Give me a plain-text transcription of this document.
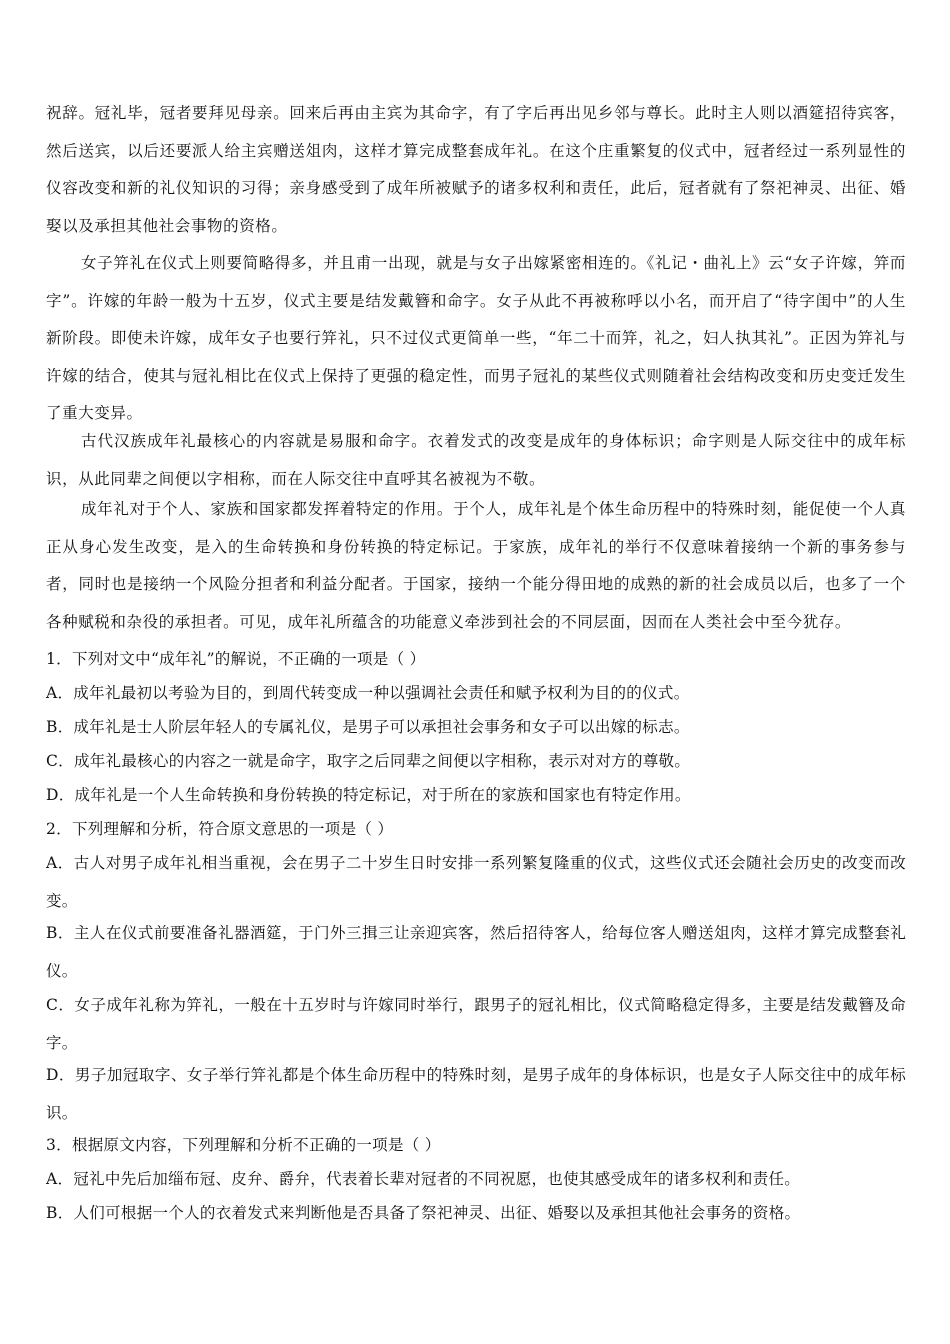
祝辞。冠礼毕，冠者要拜见母亲。回来后再由主宾为其命字，有了字后再出见乡邻与尊长。此时主人则以酒筵招待宾客，然后送宾，以后还要派人给主宾赠送俎肉，这样才算完成整套成年礼。在这个庄重繁复的仪式中，冠者经过一系列显性的仪容改变和新的礼仪知识的习得；亲身感受到了成年所被赋予的诸多权利和责任，此后，冠者就有了祭祀神灵、出征、婚娶以及承担其他社会事物的资格。

女子笄礼在仪式上则要简略得多，并且甫一出现，就是与女子出嫁紧密相连的。《礼记・曲礼上》云“女子许嫁，笄而字”。许嫁的年龄一般为十五岁，仪式主要是结发戴簪和命字。女子从此不再被称呼以小名，而开启了“待字闺中”的人生新阶段。即使未许嫁，成年女子也要行笄礼，只不过仪式更简单一些，“年二十而笄，礼之，妇人执其礼”。正因为笄礼与许嫁的结合，使其与冠礼相比在仪式上保持了更强的稳定性，而男子冠礼的某些仪式则随着社会结构改变和历史变迁发生了重大变异。

古代汉族成年礼最核心的内容就是易服和命字。衣着发式的改变是成年的身体标识；命字则是人际交往中的成年标识，从此同辈之间便以字相称，而在人际交往中直呼其名被视为不敬。

成年礼对于个人、家族和国家都发挥着特定的作用。于个人，成年礼是个体生命历程中的特殊时刻，能促使一个人真正从身心发生改变，是入的生命转换和身份转换的特定标记。于家族，成年礼的举行不仅意味着接纳一个新的事务参与者，同时也是接纳一个风险分担者和利益分配者。于国家，接纳一个能分得田地的成熟的新的社会成员以后，也多了一个各种赋税和杂役的承担者。可见，成年礼所蕴含的功能意义牵涉到社会的不同层面，因而在人类社会中至今犹存。

1．下列对文中“成年礼”的解说，不正确的一项是（ ）

A．成年礼最初以考验为目的，到周代转变成一种以强调社会责任和赋予权利为目的的仪式。

B．成年礼是士人阶层年轻人的专属礼仪，是男子可以承担社会事务和女子可以出嫁的标志。

C．成年礼最核心的内容之一就是命字，取字之后同辈之间便以字相称，表示对对方的尊敬。

D．成年礼是一个人生命转换和身份转换的特定标记，对于所在的家族和国家也有特定作用。

2．下列理解和分析，符合原文意思的一项是（ ）

A．古人对男子成年礼相当重视，会在男子二十岁生日时安排一系列繁复隆重的仪式，这些仪式还会随社会历史的改变而改变。

B．主人在仪式前要准备礼器酒筵，于门外三揖三让亲迎宾客，然后招待客人，给每位客人赠送俎肉，这样才算完成整套礼仪。

C．女子成年礼称为笄礼，一般在十五岁时与许嫁同时举行，跟男子的冠礼相比，仪式简略稳定得多，主要是结发戴簪及命字。

D．男子加冠取字、女子举行笄礼都是个体生命历程中的特殊时刻，是男子成年的身体标识，也是女子人际交往中的成年标识。

3．根据原文内容，下列理解和分析不正确的一项是（ ）

A．冠礼中先后加缁布冠、皮弁、爵弁，代表着长辈对冠者的不同祝愿，也使其感受成年的诸多权利和责任。

B．人们可根据一个人的衣着发式来判断他是否具备了祭祀神灵、出征、婚娶以及承担其他社会事务的资格。
